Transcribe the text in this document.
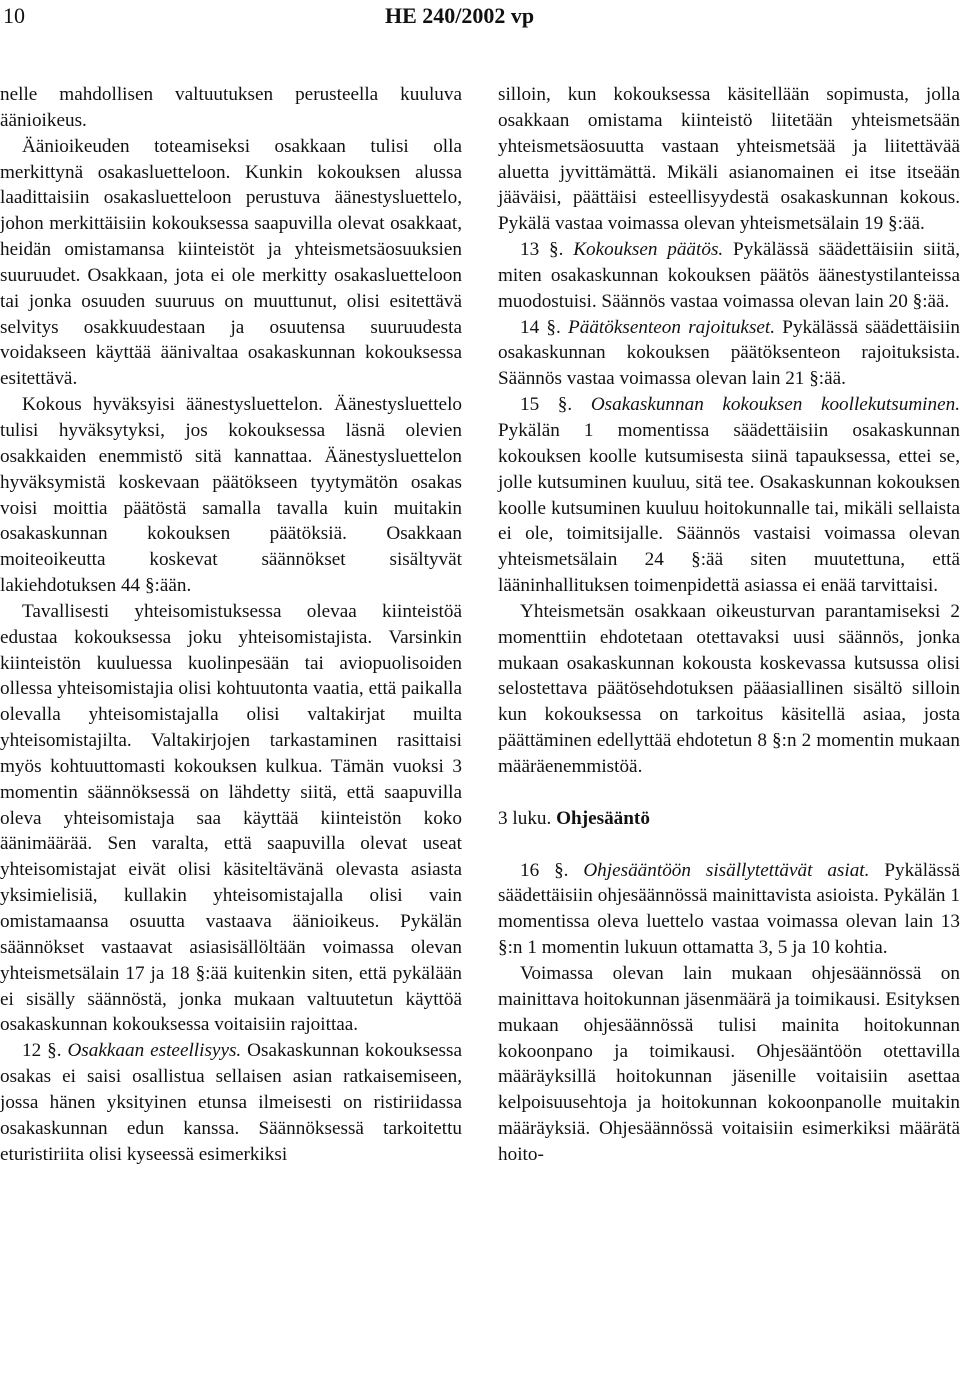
10	HE 240/2002 vp

nelle mahdollisen valtuutuksen perusteella kuuluva äänioikeus.

Äänioikeuden toteamiseksi osakkaan tulisi olla merkittynä osakasluetteloon. Kunkin kokouksen alussa laadittaisiin osakasluetteloon perustuva äänestysluettelo, johon merkittäisiin kokouksessa saapuvilla olevat osakkaat, heidän omistamansa kiinteistöt ja yhteismetsäosuuksien suuruudet. Osakkaan, jota ei ole merkitty osakasluetteloon tai jonka osuuden suuruus on muuttunut, olisi esitettävä selvitys osakkuudestaan ja osuutensa suuruudesta voidakseen käyttää äänivaltaa osakaskunnan kokouksessa esitettävä.

Kokous hyväksyisi äänestysluettelon. Äänestysluettelo tulisi hyväksytyksi, jos kokouksessa läsnä olevien osakkaiden enemmistö sitä kannattaa. Äänestysluettelon hyväksymistä koskevaan päätökseen tyytymätön osakas voisi moittia päätöstä samalla tavalla kuin muitakin osakaskunnan kokouksen päätöksiä. Osakkaan moiteoikeutta koskevat säännökset sisältyvät lakiehdotuksen 44 §:ään.

Tavallisesti yhteisomistuksessa olevaa kiinteistöä edustaa kokouksessa joku yhteisomistajista. Varsinkin kiinteistön kuuluessa kuolinpesään tai aviopuolisoiden ollessa yhteisomistajia olisi kohtuutonta vaatia, että paikalla olevalla yhteisomistajalla olisi valtakirjat muilta yhteisomistajilta. Valtakirjojen tarkastaminen rasittaisi myös kohtuuttomasti kokouksen kulkua. Tämän vuoksi 3 momentin säännöksessä on lähdetty siitä, että saapuvilla oleva yhteisomistaja saa käyttää kiinteistön koko äänimäärää. Sen varalta, että saapuvilla olevat useat yhteisomistajat eivät olisi käsiteltävänä olevasta asiasta yksimielisiä, kullakin yhteisomistajalla olisi vain omistamaansa osuutta vastaava äänioikeus. Pykälän säännökset vastaavat asiasisällöltään voimassa olevan yhteismetsälain 17 ja 18 §:ää kuitenkin siten, että pykälään ei sisälly säännöstä, jonka mukaan valtuutetun käyttöä osakaskunnan kokouksessa voitaisiin rajoittaa.

12 §. Osakkaan esteellisyys. Osakaskunnan kokouksessa osakas ei saisi osallistua sellaisen asian ratkaisemiseen, jossa hänen yksityinen etunsa ilmeisesti on ristiriidassa osakaskunnan edun kanssa. Säännöksessä tarkoitettu eturistiriita olisi kyseessä esimerkiksi

silloin, kun kokouksessa käsitellään sopimusta, jolla osakkaan omistama kiinteistö liitetään yhteismetsään yhteismetsäosuutta vastaan yhteismetsää ja liitettävää aluetta jyvittämättä. Mikäli asianomainen ei itse itseään jääväisi, päättäisi esteellisyydestä osakaskunnan kokous. Pykälä vastaa voimassa olevan yhteismetsälain 19 §:ää.

13 §. Kokouksen päätös. Pykälässä säädettäisiin siitä, miten osakaskunnan kokouksen päätös äänestystilanteissa muodostuisi. Säännös vastaa voimassa olevan lain 20 §:ää.

14 §. Päätöksenteon rajoitukset. Pykälässä säädettäisiin osakaskunnan kokouksen päätöksenteon rajoituksista. Säännös vastaa voimassa olevan lain 21 §:ää.

15 §. Osakaskunnan kokouksen koollekutsuminen. Pykälän 1 momentissa säädettäisiin osakaskunnan kokouksen koolle kutsumisesta siinä tapauksessa, ettei se, jolle kutsuminen kuuluu, sitä tee. Osakaskunnan kokouksen koolle kutsuminen kuuluu hoitokunnalle tai, mikäli sellaista ei ole, toimitsijalle. Säännös vastaisi voimassa olevan yhteismetsälain 24 §:ää siten muutettuna, että lääninhallituksen toimenpidettä asiassa ei enää tarvittaisi.

Yhteismetsän osakkaan oikeusturvan parantamiseksi 2 momenttiin ehdotetaan otettavaksi uusi säännös, jonka mukaan osakaskunnan kokousta koskevassa kutsussa olisi selostettava päätösehdotuksen pääasiallinen sisältö silloin kun kokouksessa on tarkoitus käsitellä asiaa, josta päättäminen edellyttää ehdotetun 8 §:n 2 momentin mukaan määräenemmistöä.

3 luku. Ohjesääntö

16 §. Ohjesääntöön sisällytettävät asiat. Pykälässä säädettäisiin ohjesäännössä mainittavista asioista. Pykälän 1 momentissa oleva luettelo vastaa voimassa olevan lain 13 §:n 1 momentin lukuun ottamatta 3, 5 ja 10 kohtia.

Voimassa olevan lain mukaan ohjesäännössä on mainittava hoitokunnan jäsenmäärä ja toimikausi. Esityksen mukaan ohjesäännössä tulisi mainita hoitokunnan kokoonpano ja toimikausi. Ohjesääntöön otettavilla määräyksillä hoitokunnan jäsenille voitaisiin asettaa kelpoisuusehtoja ja hoitokunnan kokoonpanolle muitakin määräyksiä. Ohjesäännössä voitaisiin esimerkiksi määrätä hoito-
